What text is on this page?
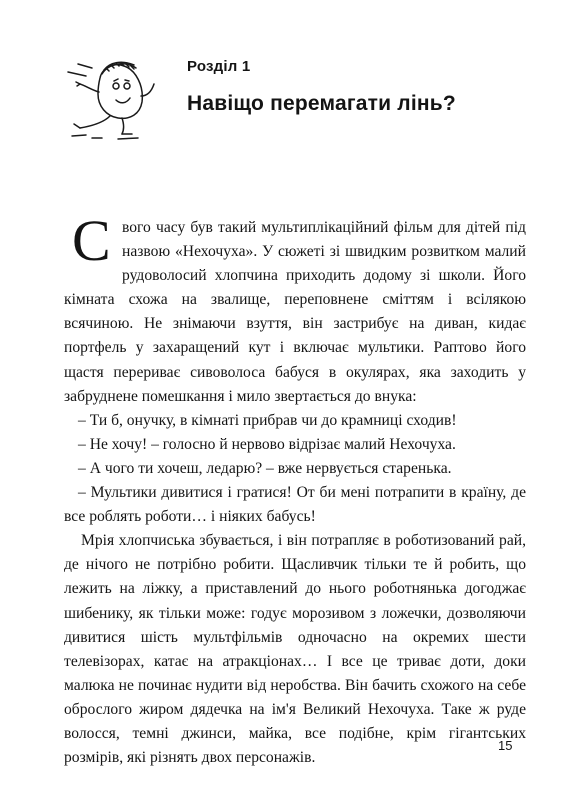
Розділ 1
Навіщо перемагати лінь?

С вого часу був такий мультиплікаційний фільм для дітей під назвою «Нехочуха». У сюжеті зі швидким розвитком малий рудоволосий хлопчина приходить додому зі школи. Його кімната схожа на звалище, переповнене сміттям і всілякою всячиною. Не знімаючи взуття, він застрибує на диван, кидає портфель у захаращений кут і включає мультики. Раптово його щастя перериває сивоволоса бабуся в окулярах, яка заходить у забруднене помешкання і мило звертається до внука:

– Ти б, онучку, в кімнаті прибрав чи до крамниці сходив!

– Не хочу! – голосно й нервово відрізає малий Нехочуха.

– А чого ти хочеш, ледарю? – вже нервується старенька.

– Мультики дивитися і гратися! От би мені потрапити в країну, де все роблять роботи… і ніяких бабусь!

Мрія хлопчиська збувається, і він потрапляє в роботизований рай, де нічого не потрібно робити. Щасливчик тільки те й робить, що лежить на ліжку, а приставлений до нього роботнянька догоджає шибенику, як тільки може: годує морозивом з ложечки, дозволяючи дивитися шість мультфільмів одночасно на окремих шести телевізорах, катає на атракціонах… І все це триває доти, доки малюка не починає нудити від неробства. Він бачить схожого на себе оброслого жиром дядечка на ім'я Великий Нехочуха. Таке ж руде волосся, темні джинси, майка, все подібне, крім гігантських розмірів, які різнять двох персонажів.

15
